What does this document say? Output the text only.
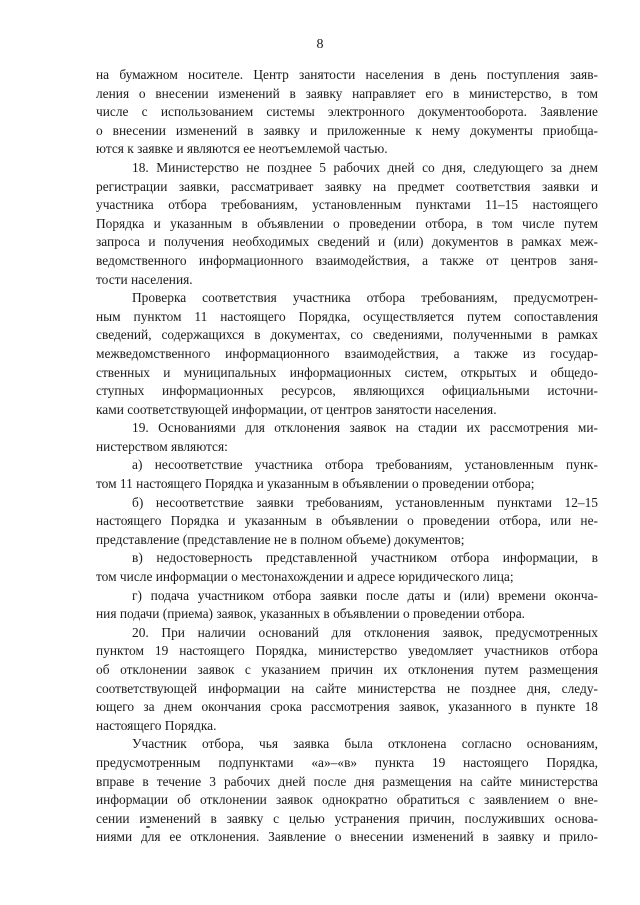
8
на бумажном носителе. Центр занятости населения в день поступления заяв-
ления о внесении изменений в заявку направляет его в министерство, в том
числе с использованием системы электронного документооборота. Заявление
о внесении изменений в заявку и приложенные к нему документы приобща-
ются к заявке и являются ее неотъемлемой частью.
18. Министерство не позднее 5 рабочих дней со дня, следующего за днем
регистрации заявки, рассматривает заявку на предмет соответствия заявки и
участника отбора требованиям, установленным пунктами 11–15 настоящего
Порядка и указанным в объявлении о проведении отбора, в том числе путем
запроса и получения необходимых сведений и (или) документов в рамках меж-
ведомственного информационного взаимодействия, а также от центров заня-
тости населения.
Проверка соответствия участника отбора требованиям, предусмотрен-
ным пунктом 11 настоящего Порядка, осуществляется путем сопоставления
сведений, содержащихся в документах, со сведениями, полученными в рамках
межведомственного информационного взаимодействия, а также из государ-
ственных и муниципальных информационных систем, открытых и общедо-
ступных информационных ресурсов, являющихся официальными источни-
ками соответствующей информации, от центров занятости населения.
19. Основаниями для отклонения заявок на стадии их рассмотрения ми-
нистерством являются:
а) несоответствие участника отбора требованиям, установленным пунк-
том 11 настоящего Порядка и указанным в объявлении о проведении отбора;
б) несоответствие заявки требованиям, установленным пунктами 12–15
настоящего Порядка и указанным в объявлении о проведении отбора, или не-
представление (представление не в полном объеме) документов;
в) недостоверность представленной участником отбора информации, в
том числе информации о местонахождении и адресе юридического лица;
г) подача участником отбора заявки после даты и (или) времени оконча-
ния подачи (приема) заявок, указанных в объявлении о проведении отбора.
20. При наличии оснований для отклонения заявок, предусмотренных
пунктом 19 настоящего Порядка, министерство уведомляет участников отбора
об отклонении заявок с указанием причин их отклонения путем размещения
соответствующей информации на сайте министерства не позднее дня, следу-
ющего за днем окончания срока рассмотрения заявок, указанного в пункте 18
настоящего Порядка.
Участник отбора, чья заявка была отклонена согласно основаниям,
предусмотренным подпунктами «а»–«в» пункта 19 настоящего Порядка,
вправе в течение 3 рабочих дней после дня размещения на сайте министерства
информации об отклонении заявок однократно обратиться с заявлением о вне-
сении изменений в заявку с целью устранения причин, послуживших основа-
ниями для ее отклонения. Заявление о внесении изменений в заявку и прило-
